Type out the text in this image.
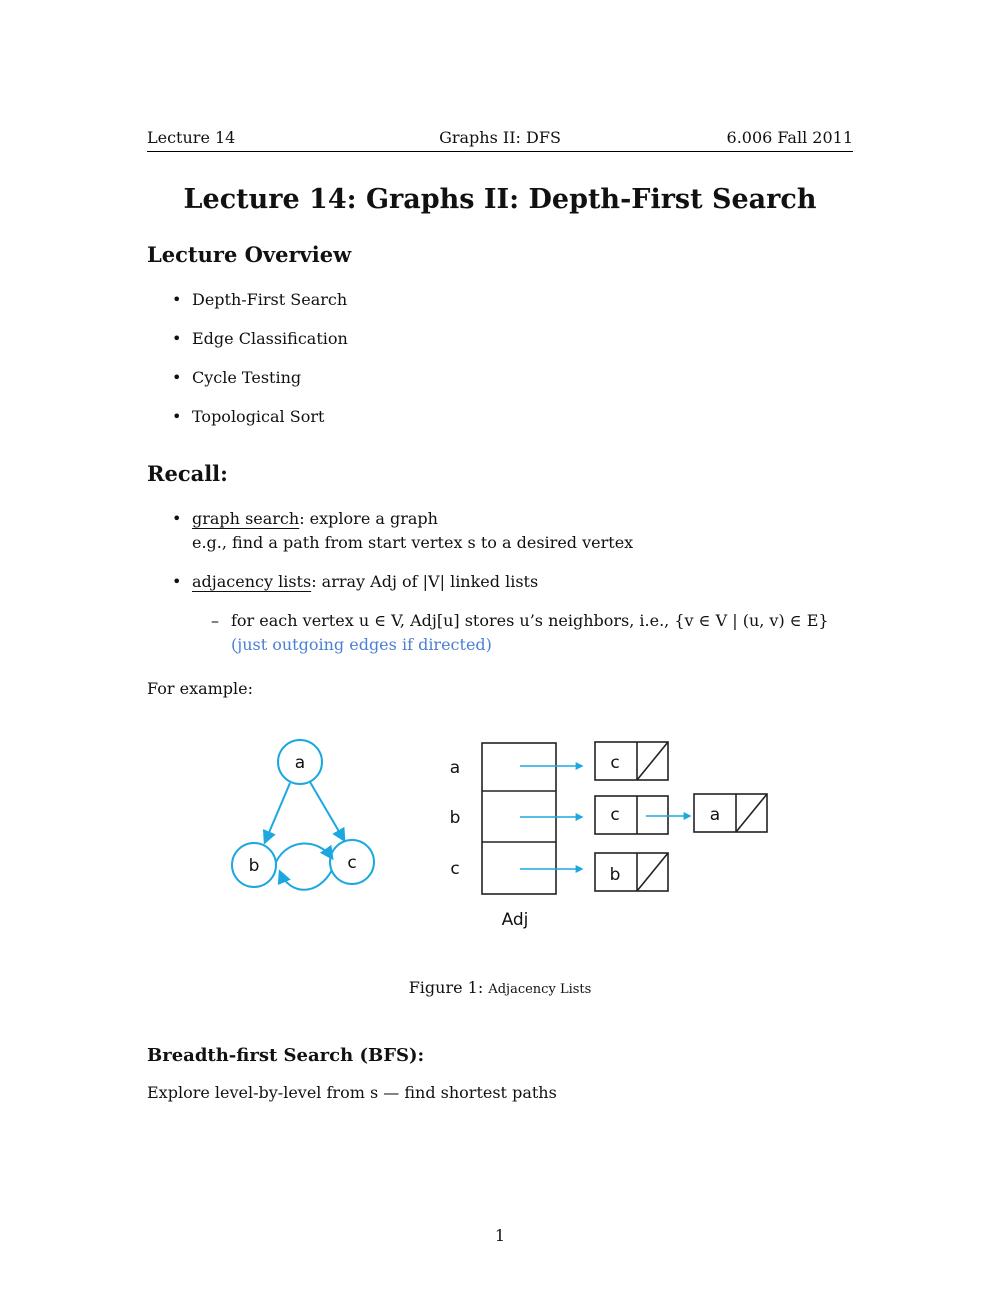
Lecture 14	Graphs II: DFS	6.006 Fall 2011
Lecture 14: Graphs II: Depth-First Search
Lecture Overview
• Depth-First Search
• Edge Classification
• Cycle Testing
• Topological Sort
Recall:
• graph search: explore a graph
e.g., find a path from start vertex s to a desired vertex
• adjacency lists: array Adj of |V| linked lists
– for each vertex u ∈ V, Adj[u] stores u’s neighbors, i.e., {v ∈ V | (u, v) ∈ E}
(just outgoing edges if directed)
For example:
a
b	c
a
b
c
Adj
c
c	a
b
Figure 1: Adjacency Lists
Breadth-first Search (BFS):
Explore level-by-level from s — find shortest paths
1
